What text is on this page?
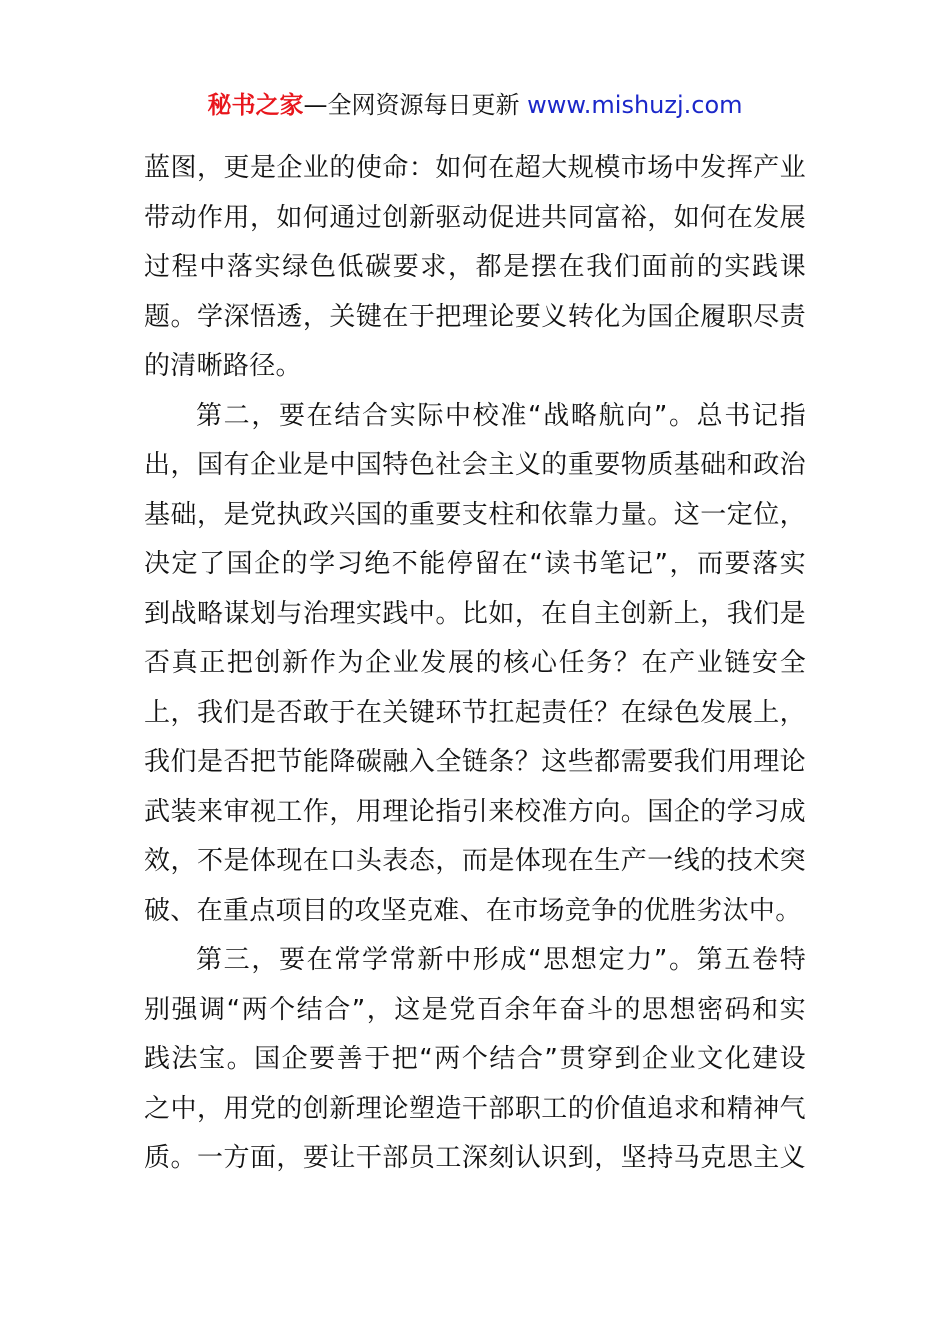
秘书之家—全网资源每日更新 www.mishuzj.com
蓝图，更是企业的使命：如何在超大规模市场中发挥产业
带动作用，如何通过创新驱动促进共同富裕，如何在发展
过程中落实绿色低碳要求，都是摆在我们面前的实践课
题。学深悟透，关键在于把理论要义转化为国企履职尽责
的清晰路径。
第二，要在结合实际中校准“战略航向”。总书记指
出，国有企业是中国特色社会主义的重要物质基础和政治
基础，是党执政兴国的重要支柱和依靠力量。这一定位，
决定了国企的学习绝不能停留在“读书笔记”，而要落实
到战略谋划与治理实践中。比如，在自主创新上，我们是
否真正把创新作为企业发展的核心任务？在产业链安全
上，我们是否敢于在关键环节扛起责任？在绿色发展上，
我们是否把节能降碳融入全链条？这些都需要我们用理论
武装来审视工作，用理论指引来校准方向。国企的学习成
效，不是体现在口头表态，而是体现在生产一线的技术突
破、在重点项目的攻坚克难、在市场竞争的优胜劣汰中。
第三，要在常学常新中形成“思想定力”。第五卷特
别强调“两个结合”，这是党百余年奋斗的思想密码和实
践法宝。国企要善于把“两个结合”贯穿到企业文化建设
之中，用党的创新理论塑造干部职工的价值追求和精神气
质。一方面，要让干部员工深刻认识到，坚持马克思主义
